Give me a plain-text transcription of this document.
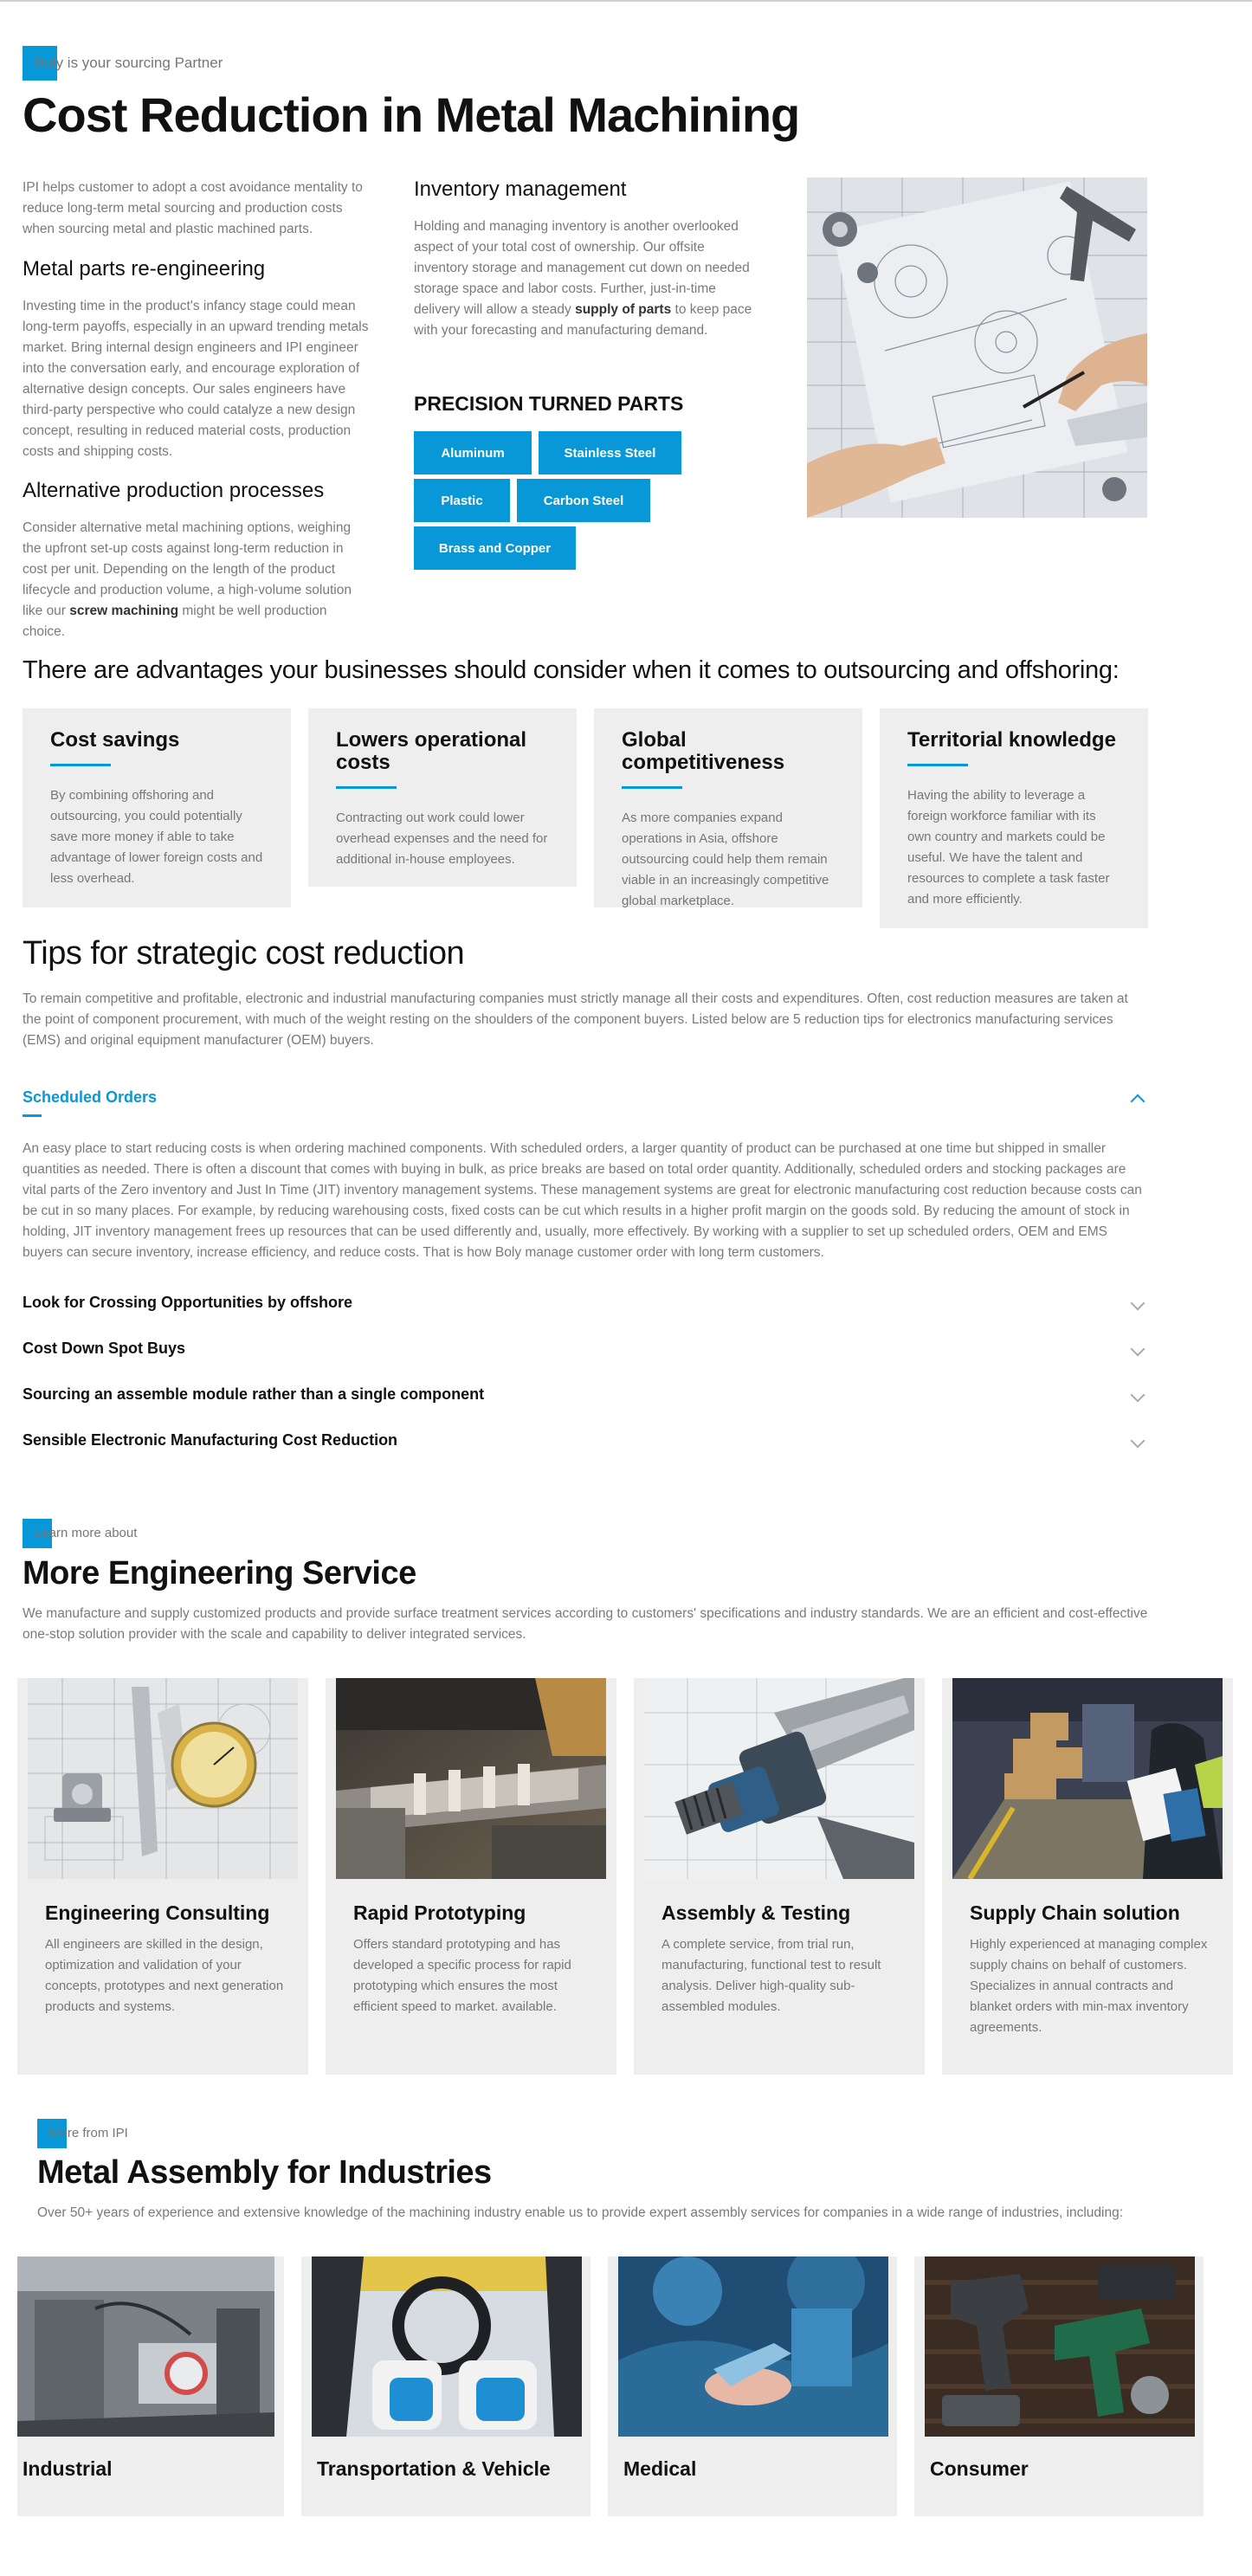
Boly is your sourcing Partner
Cost Reduction in Metal Machining
IPI helps customer to adopt a cost avoidance mentality to reduce long-term metal sourcing and production costs when sourcing metal and plastic machined parts.
Metal parts re-engineering
Investing time in the product's infancy stage could mean long-term payoffs, especially in an upward trending metals market. Bring internal design engineers and IPI engineer into the conversation early, and encourage exploration of alternative design concepts. Our sales engineers have third-party perspective who could catalyze a new design concept, resulting in reduced material costs, production costs and shipping costs.
Alternative production processes
Consider alternative metal machining options, weighing the upfront set-up costs against long-term reduction in cost per unit. Depending on the length of the product lifecycle and production volume, a high-volume solution like our screw machining might be well production choice.
Inventory management
Holding and managing inventory is another overlooked aspect of your total cost of ownership. Our offsite inventory storage and management cut down on needed storage space and labor costs. Further, just-in-time delivery will allow a steady supply of parts to keep pace with your forecasting and manufacturing demand.
PRECISION TURNED PARTS
Aluminum	Stainless Steel
Plastic	Carbon Steel
Brass and Copper
There are advantages your businesses should consider when it comes to outsourcing and offshoring:
Cost savings
By combining offshoring and outsourcing, you could potentially save more money if able to take advantage of lower foreign costs and less overhead.
Lowers operational costs
Contracting out work could lower overhead expenses and the need for additional in-house employees.
Global competitiveness
As more companies expand operations in Asia, offshore outsourcing could help them remain viable in an increasingly competitive global marketplace.
Territorial knowledge
Having the ability to leverage a foreign workforce familiar with its own country and markets could be useful. We have the talent and resources to complete a task faster and more efficiently.
Tips for strategic cost reduction
To remain competitive and profitable, electronic and industrial manufacturing companies must strictly manage all their costs and expenditures. Often, cost reduction measures are taken at the point of component procurement, with much of the weight resting on the shoulders of the component buyers. Listed below are 5 reduction tips for electronics manufacturing services (EMS) and original equipment manufacturer (OEM) buyers.
Scheduled Orders
An easy place to start reducing costs is when ordering machined components. With scheduled orders, a larger quantity of product can be purchased at one time but shipped in smaller quantities as needed. There is often a discount that comes with buying in bulk, as price breaks are based on total order quantity. Additionally, scheduled orders and stocking packages are vital parts of the Zero inventory and Just In Time (JIT) inventory management systems. These management systems are great for electronic manufacturing cost reduction because costs can be cut in so many places. For example, by reducing warehousing costs, fixed costs can be cut which results in a higher profit margin on the goods sold. By reducing the amount of stock in holding, JIT inventory management frees up resources that can be used differently and, usually, more effectively. By working with a supplier to set up scheduled orders, OEM and EMS buyers can secure inventory, increase efficiency, and reduce costs. That is how Boly manage customer order with long term customers.
Look for Crossing Opportunities by offshore
Cost Down Spot Buys
Sourcing an assemble module rather than a single component
Sensible Electronic Manufacturing Cost Reduction
Learn more about
More Engineering Service
We manufacture and supply customized products and provide surface treatment services according to customers' specifications and industry standards. We are an efficient and cost-effective one-stop solution provider with the scale and capability to deliver integrated services.
Engineering Consulting
All engineers are skilled in the design, optimization and validation of your concepts, prototypes and next generation products and systems.
Rapid Prototyping
Offers standard prototyping and has developed a specific process for rapid prototyping which ensures the most efficient speed to market. available.
Assembly & Testing
A complete service, from trial run, manufacturing, functional test to result analysis. Deliver high-quality sub-assembled modules.
Supply Chain solution
Highly experienced at managing complex supply chains on behalf of customers. Specializes in annual contracts and blanket orders with min-max inventory agreements.
More from IPI
Metal Assembly for Industries
Over 50+ years of experience and extensive knowledge of the machining industry enable us to provide expert assembly services for companies in a wide range of industries, including:
Industrial	Transportation & Vehicle	Medical	Consumer
